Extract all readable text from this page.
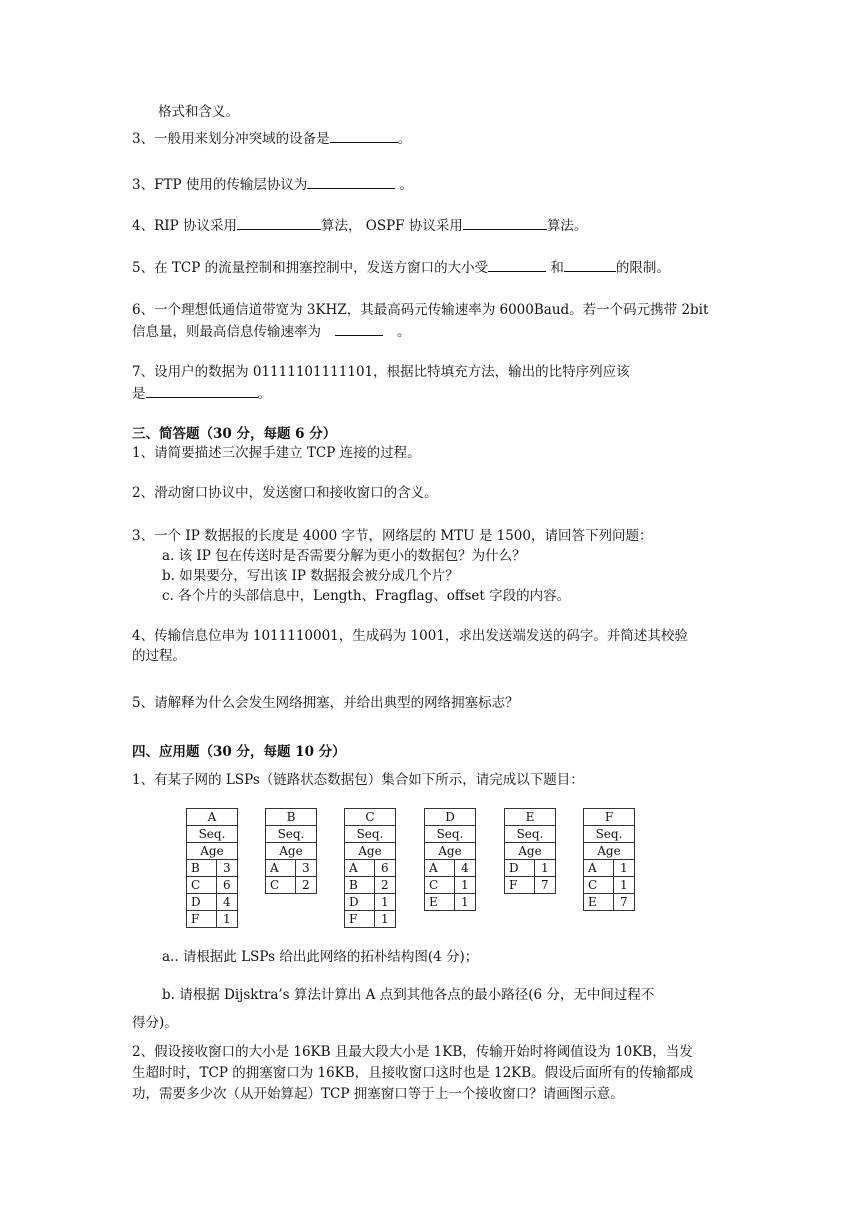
格式和含义。
3、一般用来划分冲突域的设备是	。
3、FTP 使用的传输层协议为	。
4、RIP 协议采用	算法， OSPF 协议采用	算法。
5、在 TCP 的流量控制和拥塞控制中，发送方窗口的大小受	和	的限制。
6、一个理想低通信道带宽为 3KHZ，其最高码元传输速率为 6000Baud。若一个码元携带 2bit
信息量，则最高信息传输速率为	。
7、设用户的数据为 01111101111101，根据比特填充方法，输出的比特序列应该
是	。
三、简答题（30 分，每题 6 分）
1、请简要描述三次握手建立 TCP 连接的过程。
2、滑动窗口协议中，发送窗口和接收窗口的含义。
3、一个 IP 数据报的长度是 4000 字节，网络层的 MTU 是 1500，请回答下列问题：
a. 该 IP 包在传送时是否需要分解为更小的数据包？为什么？
b. 如果要分，写出该 IP 数据报会被分成几个片？
c. 各个片的头部信息中，Length、Fragflag、offset 字段的内容。
4、传输信息位串为 1011110001，生成码为 1001，求出发送端发送的码字。并简述其校验
的过程。
5、请解释为什么会发生网络拥塞，并给出典型的网络拥塞标志？
四、应用题（30 分，每题 10 分）
1、有某子网的 LSPs（链路状态数据包）集合如下所示，请完成以下题目：
A	
Seq.	
Age	
B	3
C	6
D	4
F	1
B	
Seq.	
Age	
A	3
C	2
C	
Seq.	
Age	
A	6
B	2
D	1
F	1
D	
Seq.	
Age	
A	4
C	1
E	1
E	
Seq.	
Age	
D	1
F	7
F	
Seq.	
Age	
A	1
C	1
E	7
a.. 请根据此 LSPs 给出此网络的拓朴结构图(4 分)；
b. 请根据 Dijsktra’s 算法计算出 A 点到其他各点的最小路径(6 分，无中间过程不
得分)。
2、假设接收窗口的大小是 16KB 且最大段大小是 1KB，传输开始时将阈值设为 10KB，当发
生超时时，TCP 的拥塞窗口为 16KB，且接收窗口这时也是 12KB。假设后面所有的传输都成
功，需要多少次（从开始算起）TCP 拥塞窗口等于上一个接收窗口？请画图示意。
